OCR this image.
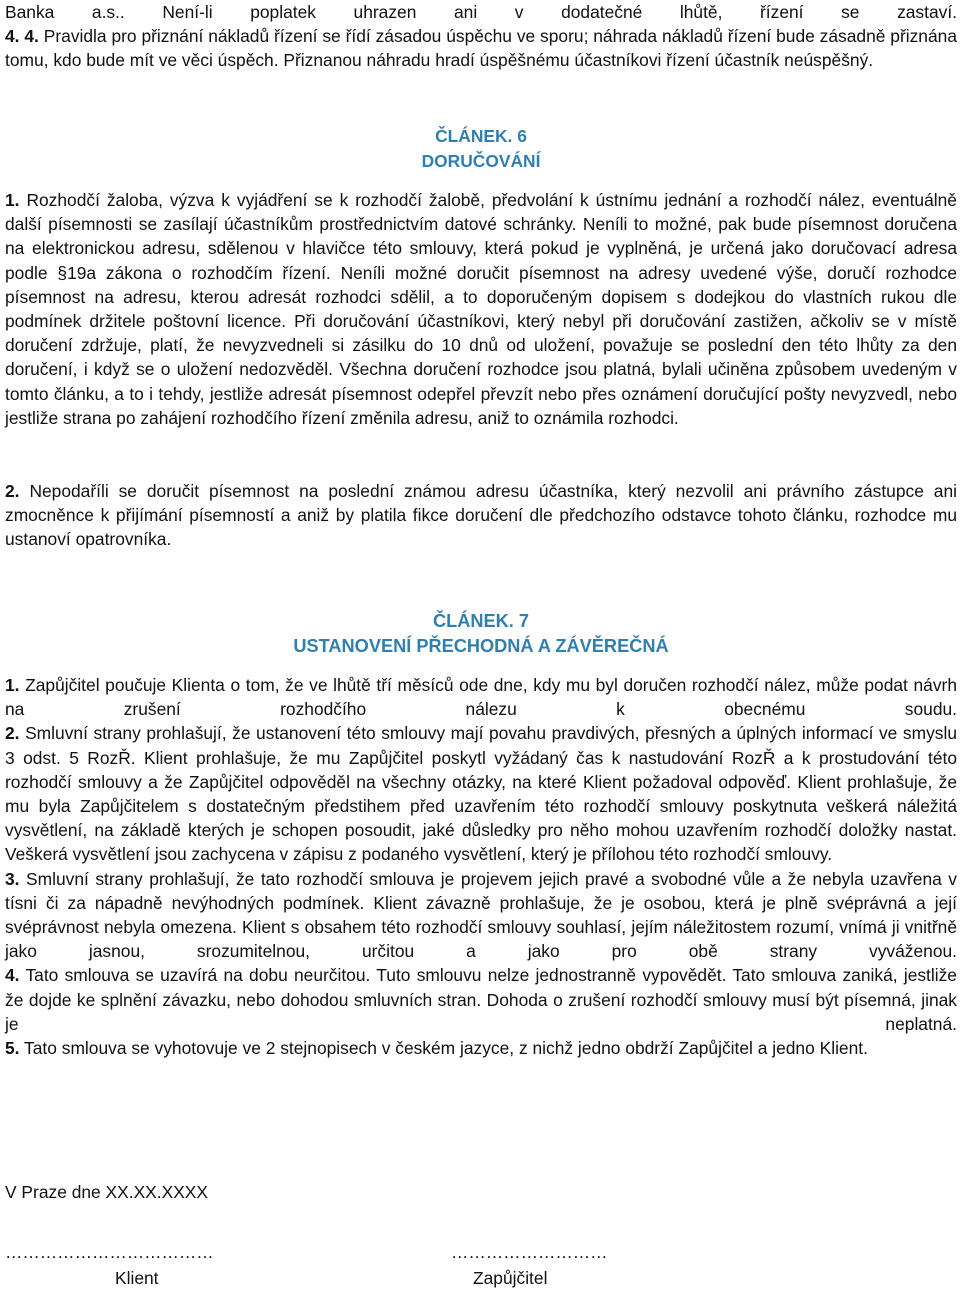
Banka a.s.. Není-li poplatek uhrazen ani v dodatečné lhůtě, řízení se zastaví.

4. 4. Pravidla pro přiznání nákladů řízení se řídí zásadou úspěchu ve sporu; náhrada nákladů řízení bude zásadně přiznána tomu, kdo bude mít ve věci úspěch. Přiznanou náhradu hradí úspěšnému účastníkovi řízení účastník neúspěšný.

ČLÁNEK. 6

DORUČOVÁNÍ

1. Rozhodčí žaloba, výzva k vyjádření se k rozhodčí žalobě, předvolání k ústnímu jednání a rozhodčí nález, eventuálně další písemnosti se zasílají účastníkům prostřednictvím datové schránky. Neníli to možné, pak bude písemnost doručena na elektronickou adresu, sdělenou v hlavičce této smlouvy, která pokud je vyplněná, je určená jako doručovací adresa podle §19a zákona o rozhodčím řízení. Neníli možné doručit písemnost na adresy uvedené výše, doručí rozhodce písemnost na adresu, kterou adresát rozhodci sdělil, a to doporučeným dopisem s dodejkou do vlastních rukou dle podmínek držitele poštovní licence. Při doručování účastníkovi, který nebyl při doručování zastižen, ačkoliv se v místě doručení zdržuje, platí, že nevyzvedneli si zásilku do 10 dnů od uložení, považuje se poslední den této lhůty za den doručení, i když se o uložení nedozvěděl. Všechna doručení rozhodce jsou platná, bylali učiněna způsobem uvedeným v tomto článku, a to i tehdy, jestliže adresát písemnost odepřel převzít nebo přes oznámení doručující pošty nevyzvedl, nebo jestliže strana po zahájení rozhodčího řízení změnila adresu, aniž to oznámila rozhodci.

2. Nepodaříli se doručit písemnost na poslední známou adresu účastníka, který nezvolil ani právního zástupce ani zmocněnce k přijímání písemností a aniž by platila fikce doručení dle předchozího odstavce tohoto článku, rozhodce mu ustanoví opatrovníka.

ČLÁNEK. 7

USTANOVENÍ PŘECHODNÁ A ZÁVĚREČNÁ

1. Zapůjčitel poučuje Klienta o tom, že ve lhůtě tří měsíců ode dne, kdy mu byl doručen rozhodčí nález, může podat návrh na zrušení rozhodčího nálezu k obecnému soudu.

2. Smluvní strany prohlašují, že ustanovení této smlouvy mají povahu pravdivých, přesných a úplných informací ve smyslu 3 odst. 5 RozŘ. Klient prohlašuje, že mu Zapůjčitel poskytl vyžádaný čas k nastudování RozŘ a k prostudování této rozhodčí smlouvy a že Zapůjčitel odpověděl na všechny otázky, na které Klient požadoval odpověď. Klient prohlašuje, že mu byla Zapůjčitelem s dostatečným předstihem před uzavřením této rozhodčí smlouvy poskytnuta veškerá náležitá vysvětlení, na základě kterých je schopen posoudit, jaké důsledky pro něho mohou uzavřením rozhodčí doložky nastat. Veškerá vysvětlení jsou zachycena v zápisu z podaného vysvětlení, který je přílohou této rozhodčí smlouvy.

3. Smluvní strany prohlašují, že tato rozhodčí smlouva je projevem jejich pravé a svobodné vůle a že nebyla uzavřena v tísni či za nápadně nevýhodných podmínek. Klient závazně prohlašuje, že je osobou, která je plně svéprávná a její svéprávnost nebyla omezena. Klient s obsahem této rozhodčí smlouvy souhlasí, jejím náležitostem rozumí, vnímá ji vnitřně jako jasnou, srozumitelnou, určitou a jako pro obě strany vyváženou.

4. Tato smlouva se uzavírá na dobu neurčitou. Tuto smlouvu nelze jednostranně vypovědět. Tato smlouva zaniká, jestliže že dojde ke splnění závazku, nebo dohodou smluvních stran. Dohoda o zrušení rozhodčí smlouvy musí být písemná, jinak je neplatná.

5. Tato smlouva se vyhotovuje ve 2 stejnopisech v českém jazyce, z nichž jedno obdrží Zapůjčitel a jedno Klient.

V Praze dne XX.XX.XXXX

………………………………	………………………
Klient	Zapůjčitel
